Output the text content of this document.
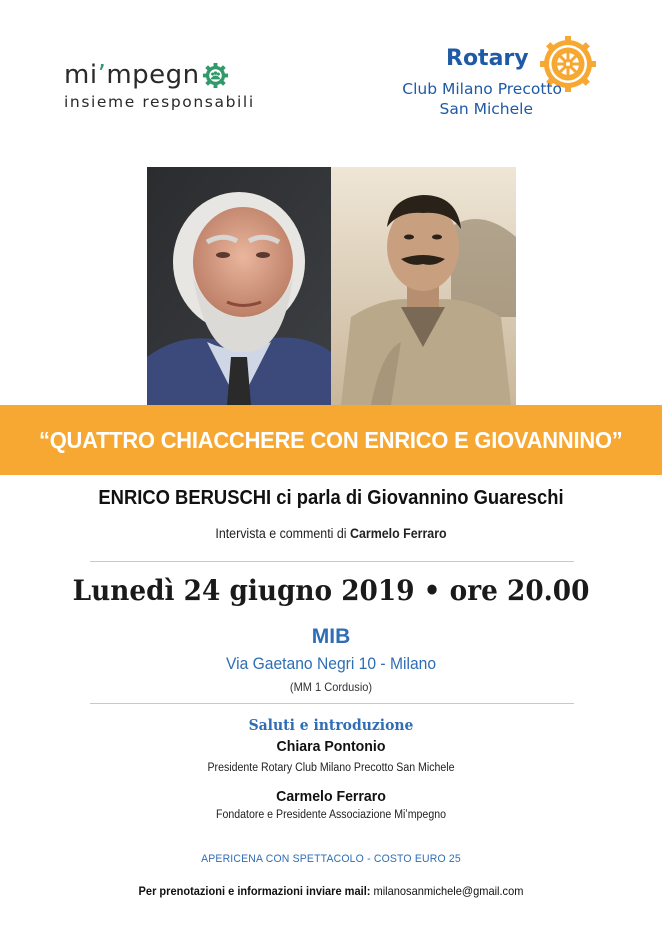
mi ʼ mpegn
insieme responsabili
Rotary
Club Milano Precotto
San Michele
“QUATTRO CHIACCHERE CON ENRICO E GIOVANNINO”
ENRICO BERUSCHI ci parla di Giovannino Guareschi
Intervista e commenti di Carmelo Ferraro
Lunedì 24 giugno 2019 • ore 20.00
MIB
Via Gaetano Negri 10 - Milano
(MM 1 Cordusio)
Saluti e introduzione
Chiara Pontonio
Presidente Rotary Club Milano Precotto San Michele
Carmelo Ferraro
Fondatore e Presidente Associazione Miʼmpegno
APERICENA CON SPETTACOLO - COSTO EURO 25
Per prenotazioni e informazioni inviare mail: milanosanmichele@gmail.com
